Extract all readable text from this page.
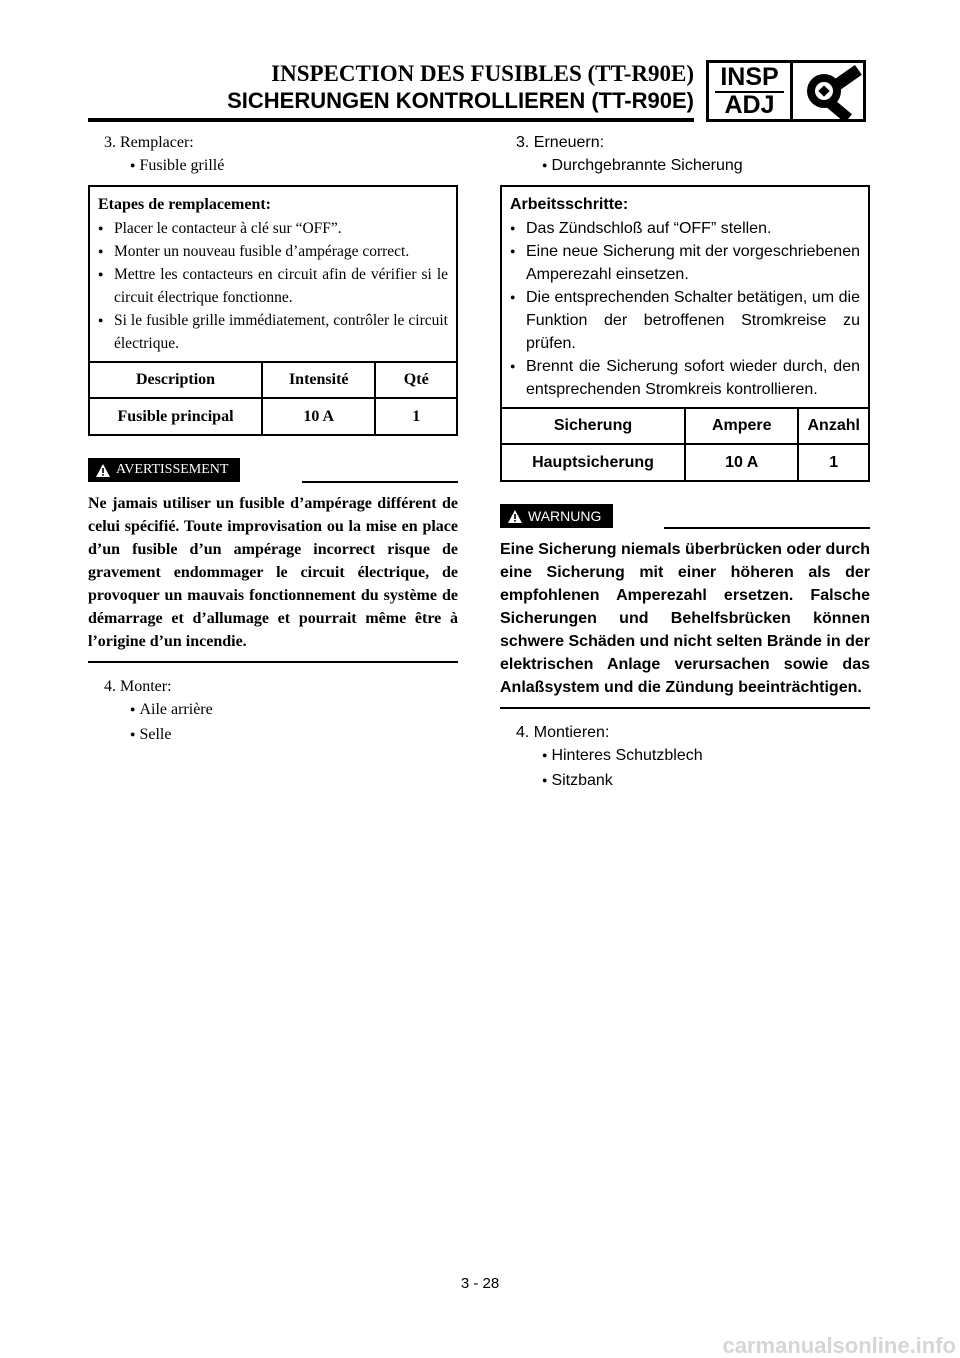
INSPECTION DES FUSIBLES (TT-R90E)
SICHERUNGEN KONTROLLIEREN (TT-R90E)
INSP
ADJ
3. Remplacer:
● Fusible grillé
Etapes de remplacement:
● Placer le contacteur à clé sur “OFF”.
● Monter un nouveau fusible d’ampérage correct.
● Mettre les contacteurs en circuit afin de vérifier si le circuit électrique fonctionne.
● Si le fusible grille immédiatement, contrôler le circuit électrique.
Description	Intensité	Qté
Fusible principal	10 A	1
AVERTISSEMENT
Ne jamais utiliser un fusible d’ampérage différent de celui spécifié. Toute improvisation ou la mise en place d’un fusible d’un ampérage incorrect risque de gravement endommager le circuit électrique, de provoquer un mauvais fonctionnement du système de démarrage et d’allumage et pourrait même être à l’origine d’un incendie.
4. Monter:
● Aile arrière
● Selle
3. Erneuern:
● Durchgebrannte Sicherung
Arbeitsschritte:
● Das Zündschloß auf “OFF” stellen.
● Eine neue Sicherung mit der vorgeschriebenen Amperezahl einsetzen.
● Die entsprechenden Schalter betätigen, um die Funktion der betroffenen Stromkreise zu prüfen.
● Brennt die Sicherung sofort wieder durch, den entsprechenden Stromkreis kontrollieren.
Sicherung	Ampere	Anzahl
Hauptsicherung	10 A	1
WARNUNG
Eine Sicherung niemals überbrücken oder durch eine Sicherung mit einer höheren als der empfohlenen Amperezahl ersetzen. Falsche Sicherungen und Behelfsbrücken können schwere Schäden und nicht selten Brände in der elektrischen Anlage verursachen sowie das Anlaßsystem und die Zündung beeinträchtigen.
4. Montieren:
● Hinteres Schutzblech
● Sitzbank
3 - 28
carmanualsonline.info
